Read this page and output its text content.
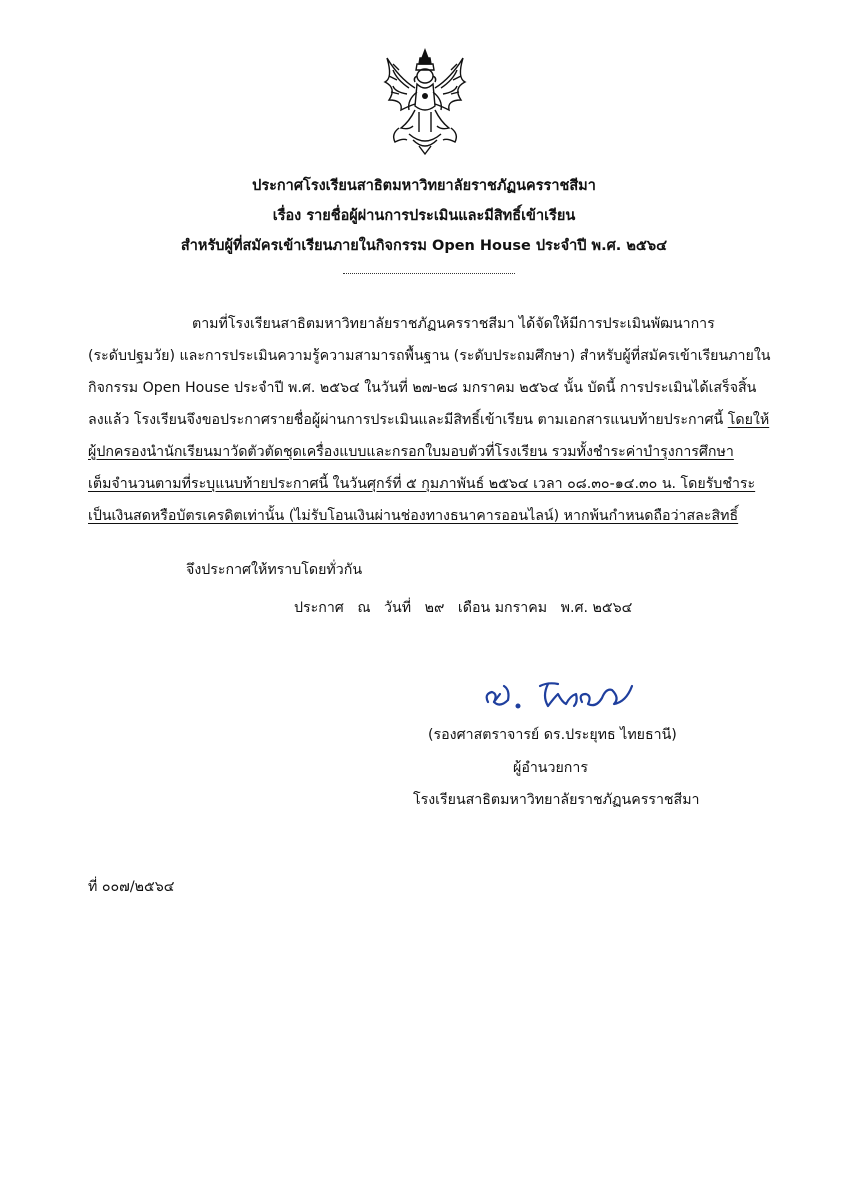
ประกาศโรงเรียนสาธิตมหาวิทยาลัยราชภัฏนครราชสีมา
เรื่อง รายชื่อผู้ผ่านการประเมินและมีสิทธิ์เข้าเรียน
สำหรับผู้ที่สมัครเข้าเรียนภายในกิจกรรม Open House ประจำปี พ.ศ. ๒๕๖๔
ตามที่โรงเรียนสาธิตมหาวิทยาลัยราชภัฏนครราชสีมา ได้จัดให้มีการประเมินพัฒนาการ
(ระดับปฐมวัย) และการประเมินความรู้ความสามารถพื้นฐาน (ระดับประถมศึกษา) สำหรับผู้ที่สมัครเข้าเรียนภายใน
กิจกรรม Open House ประจำปี พ.ศ. ๒๕๖๔ ในวันที่ ๒๗-๒๘ มกราคม ๒๕๖๔ นั้น บัดนี้ การประเมินได้เสร็จสิ้น
ลงแล้ว โรงเรียนจึงขอประกาศรายชื่อผู้ผ่านการประเมินและมีสิทธิ์เข้าเรียน ตามเอกสารแนบท้ายประกาศนี้ โดยให้
ผู้ปกครองนำนักเรียนมาวัดตัวตัดชุดเครื่องแบบและกรอกใบมอบตัวที่โรงเรียน รวมทั้งชำระค่าบำรุงการศึกษา
เต็มจำนวนตามที่ระบุแนบท้ายประกาศนี้ ในวันศุกร์ที่ ๕ กุมภาพันธ์ ๒๕๖๔ เวลา ๐๘.๓๐-๑๔.๓๐ น. โดยรับชำระ
เป็นเงินสดหรือบัตรเครดิตเท่านั้น (ไม่รับโอนเงินผ่านช่องทางธนาคารออนไลน์) หากพ้นกำหนดถือว่าสละสิทธิ์
จึงประกาศให้ทราบโดยทั่วกัน
ประกาศ ณ วันที่ ๒๙ เดือน มกราคม พ.ศ. ๒๕๖๔
(รองศาสตราจารย์ ดร.ประยุทธ ไทยธานี)
ผู้อำนวยการ
โรงเรียนสาธิตมหาวิทยาลัยราชภัฏนครราชสีมา
ที่ ๐๐๗/๒๕๖๔
